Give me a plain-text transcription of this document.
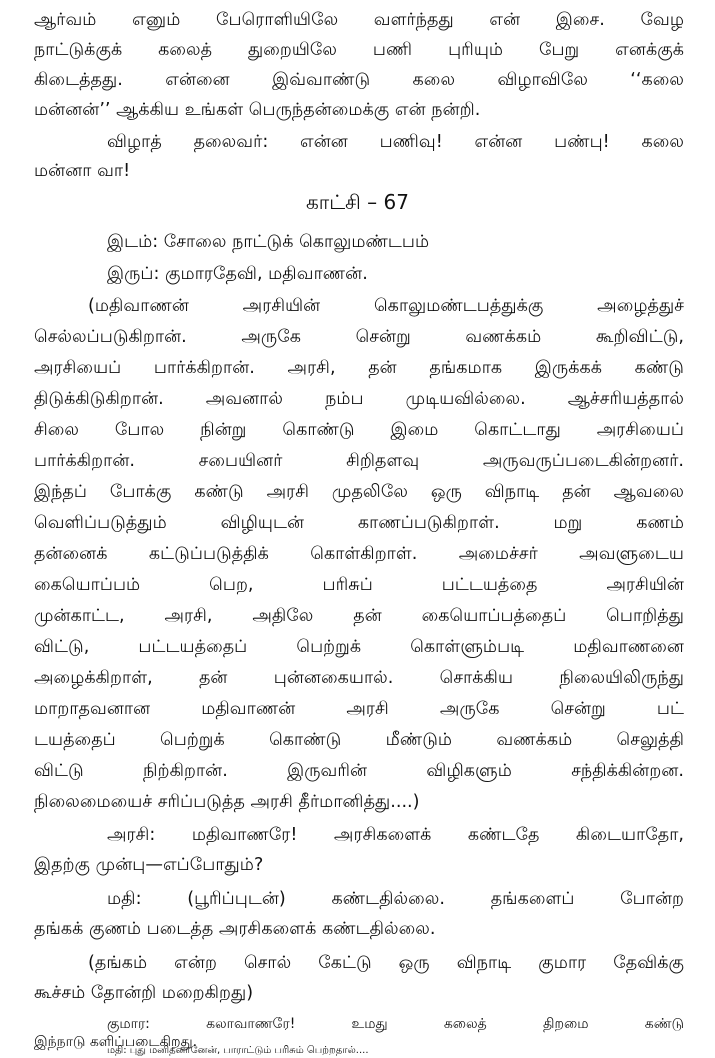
ஆர்வம் எனும் பேரொளியிலே வளர்ந்தது என் இசை. வேழ
நாட்டுக்குக் கலைத் துறையிலே பணி புரியும் பேறு எனக்குக்
கிடைத்தது. என்னை இவ்வாண்டு கலை விழாவிலே ‘‘கலை
மன்னன்’’ ஆக்கிய உங்கள் பெருந்தன்மைக்கு என் நன்றி.
விழாத் தலைவர்: என்ன பணிவு! என்ன பண்பு! கலை
மன்னா வா!
காட்சி – 67
இடம்: சோலை நாட்டுக் கொலுமண்டபம்
இருப்: குமாரதேவி, மதிவாணன்.
(மதிவாணன் அரசியின் கொலுமண்டபத்துக்கு அழைத்துச்
செல்லப்படுகிறான். அருகே சென்று வணக்கம் கூறிவிட்டு,
அரசியைப் பார்க்கிறான். அரசி, தன் தங்கமாக இருக்கக் கண்டு
திடுக்கிடுகிறான். அவனால் நம்ப முடியவில்லை. ஆச்சரியத்தால்
சிலை போல நின்று கொண்டு இமை கொட்டாது அரசியைப்
பார்க்கிறான். சபையினர் சிறிதளவு அருவருப்படைகின்றனர்.
இந்தப் போக்கு கண்டு அரசி முதலிலே ஒரு விநாடி தன் ஆவலை
வெளிப்படுத்தும் விழியுடன் காணப்படுகிறாள். மறு கணம்
தன்னைக் கட்டுப்படுத்திக் கொள்கிறாள். அமைச்சர் அவளுடைய
கையொப்பம் பெற, பரிசுப் பட்டயத்தை அரசியின்
முன்காட்ட, அரசி, அதிலே தன் கையொப்பத்தைப் பொறித்து
விட்டு, பட்டயத்தைப் பெற்றுக் கொள்ளும்படி மதிவாணனை
அழைக்கிறாள், தன் புன்னகையால். சொக்கிய நிலையிலிருந்து
மாறாதவனான மதிவாணன் அரசி அருகே சென்று பட்
டயத்தைப் பெற்றுக் கொண்டு மீண்டும் வணக்கம் செலுத்தி
விட்டு நிற்கிறான். இருவரின் விழிகளும் சந்திக்கின்றன.
நிலைமையைச் சரிப்படுத்த அரசி தீர்மானித்து....)
அரசி: மதிவாணரே! அரசிகளைக் கண்டதே கிடையாதோ,
இதற்கு முன்பு—எப்போதும்?
மதி: (பூரிப்புடன்) கண்டதில்லை. தங்களைப் போன்ற
தங்கக் குணம் படைத்த அரசிகளைக் கண்டதில்லை.
(தங்கம் என்ற சொல் கேட்டு ஒரு விநாடி குமார தேவிக்கு
கூச்சம் தோன்றி மறைகிறது)
குமார: கலாவாணரே! உமது கலைத் திறமை கண்டு
இந்நாடு களிப்படைகிறது.
மதி: புது மனிதனானேன், பாராட்டும் பரிசும் பெற்றதால்....
